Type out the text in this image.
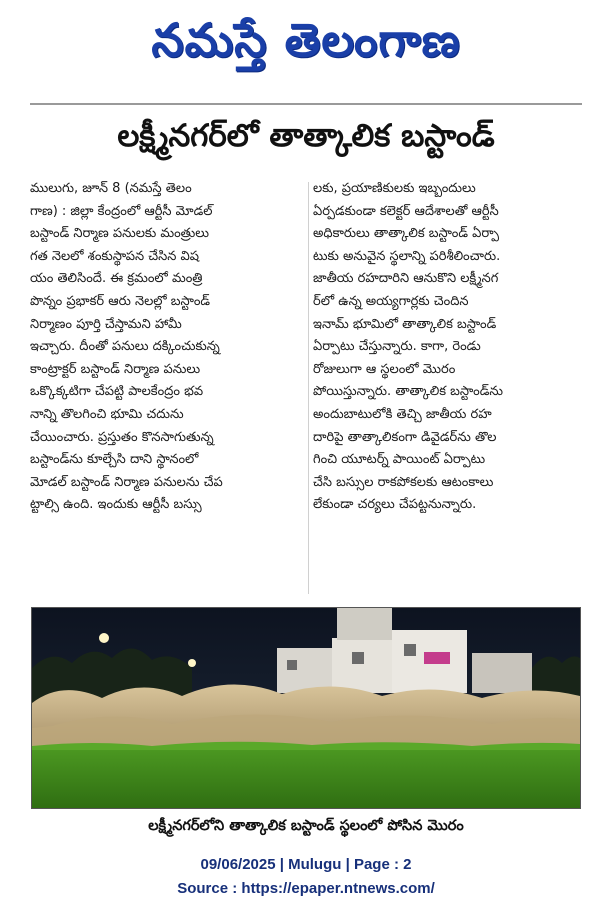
నమస్తే తెలంగాణ
లక్ష్మీనగర్‌లో తాత్కాలిక బస్టాండ్
ములుగు, జూన్ 8 (నమస్తే తెలం
గాణ) : జిల్లా కేంద్రంలో ఆర్టీసీ మోడల్
బస్టాండ్ నిర్మాణ పనులకు మంత్రులు
గత నెలలో శంకుస్థాపన చేసిన విష
యం తెలిసిందే. ఈ క్రమంలో మంత్రి
పొన్నం ప్రభాకర్ ఆరు నెలల్లో బస్టాండ్
నిర్మాణం పూర్తి చేస్తామని హామీ
ఇచ్చారు. దీంతో పనులు దక్కించుకున్న
కాంట్రాక్టర్ బస్టాండ్ నిర్మాణ పనులు
ఒక్కొక్కటిగా చేపట్టి పాలకేంద్రం భవ
నాన్ని తొలగించి భూమి చదును
చేయించారు. ప్రస్తుతం కొనసాగుతున్న
బస్టాండ్‌ను కూల్చేసి దాని స్థానంలో
మోడల్ బస్టాండ్ నిర్మాణ పనులను చేప
ట్టాల్సి ఉంది. ఇందుకు ఆర్టీసీ బస్సు
లకు, ప్రయాణికులకు ఇబ్బందులు
ఏర్పడకుండా కలెక్టర్ ఆదేశాలతో ఆర్టీసీ
అధికారులు తాత్కాలిక బస్టాండ్ ఏర్పా
టుకు అనువైన స్థలాన్ని పరిశీలించారు.
జాతీయ రహదారిని ఆనుకొని లక్ష్మీనగ
ర్‌లో ఉన్న అయ్యగార్లకు చెందిన
ఇనామ్ భూమిలో తాత్కాలిక బస్టాండ్
ఏర్పాటు చేస్తున్నారు. కాగా, రెండు
రోజులుగా ఆ స్థలంలో మొరం
పోయిస్తున్నారు. తాత్కాలిక బస్టాండ్‌ను
అందుబాటులోకి తెచ్చి జాతీయ రహ
దారిపై తాత్కాలికంగా డివైడర్‌ను తొల
గించి యూటర్న్ పాయింట్ ఏర్పాటు
చేసి బస్సుల రాకపోకలకు ఆటంకాలు
లేకుండా చర్యలు చేపట్టనున్నారు.
లక్ష్మీనగర్‌లోని తాత్కాలిక బస్టాండ్ స్థలంలో పోసిన మొరం
09/06/2025 | Mulugu | Page : 2
Source : https://epaper.ntnews.com/
